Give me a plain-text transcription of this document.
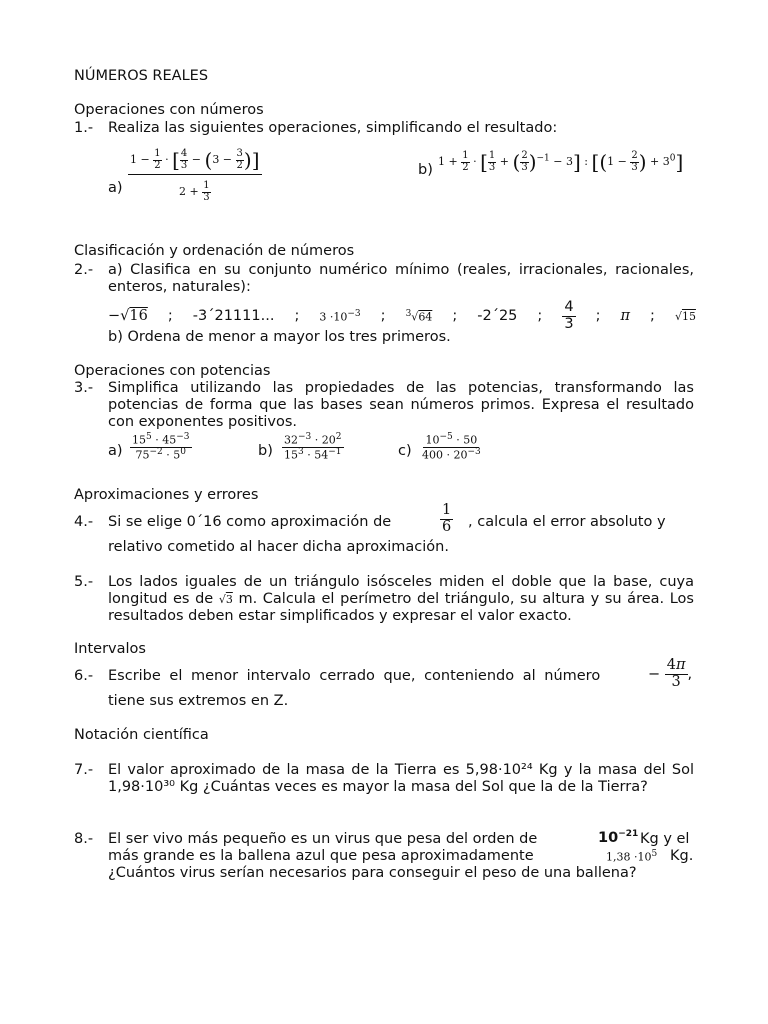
NÚMEROS REALES
Operaciones con números
1.- Realiza las siguientes operaciones, simplificando el resultado:
$a) \frac{1 - \frac{1}{2} \cdot [ \frac{4}{3} - (3 - \frac{3}{2} )]}{2 + \frac{1}{3}}$	b)
$1 + \frac{1}{2}$ · [ $\frac{1}{3}$ + ( $\frac{2}{3} )^{-1} - 3$] : [($1 - \frac{2}{3}$ ) + $3^0$]
Clasificación y ordenación de números
2.- a) Clasifica en su conjunto numérico mínimo (reales, irracionales, racionales, enteros, naturales):
−√16 ; -3´21111... ; $3 \cdot 10^{-3}$ ; $^3$√64 ; -2´25 ; $\frac{4}{3}$ ; π ; √15
b) Ordena de menor a mayor los tres primeros.
Operaciones con potencias
3.- Simplifica utilizando las propiedades de las potencias, transformando las potencias de forma que las bases sean números primos. Expresa el resultado con exponentes positivos.
$a) \frac{15^5 \cdot 45^{-3}}{75^{-2} \cdot 5^0}$	$b) \frac{32^{-3} \cdot 20^2}{15^3 \cdot 54^{-1}}$	$c) \frac{10^{-5} \cdot 50}{400 \cdot 20^{-3}}$
Aproximaciones y errores
4.- Si se elige 0´16 como aproximación de	$\frac{1}{6}$ , calcula el error absoluto y
relativo cometido al hacer dicha aproximación.
5.- Los lados iguales de un triángulo isósceles miden el doble que la base, cuya longitud es de √3 m. Calcula el perímetro del triángulo, su altura y su área. Los resultados deben estar simplificados y expresar el valor exacto.
Intervalos
6.- Escribe el menor intervalo cerrado que, conteniendo al número	− $\frac{4\pi}{3}$ ,
tiene sus extremos en Z.
Notación científica
7.- El valor aproximado de la masa de la Tierra es 5,98·10²⁴ Kg y la masa del Sol 1,98·10³⁰ Kg ¿Cuántas veces es mayor la masa del Sol que la de la Tierra?
8.- El ser vivo más pequeño es un virus que pesa del orden de	$10^{-21}$ Kg y el
más grande es la ballena azul que pesa aproximadamente	$1,38 \cdot 10^5$ Kg.
¿Cuántos virus serían necesarios para conseguir el peso de una ballena?
